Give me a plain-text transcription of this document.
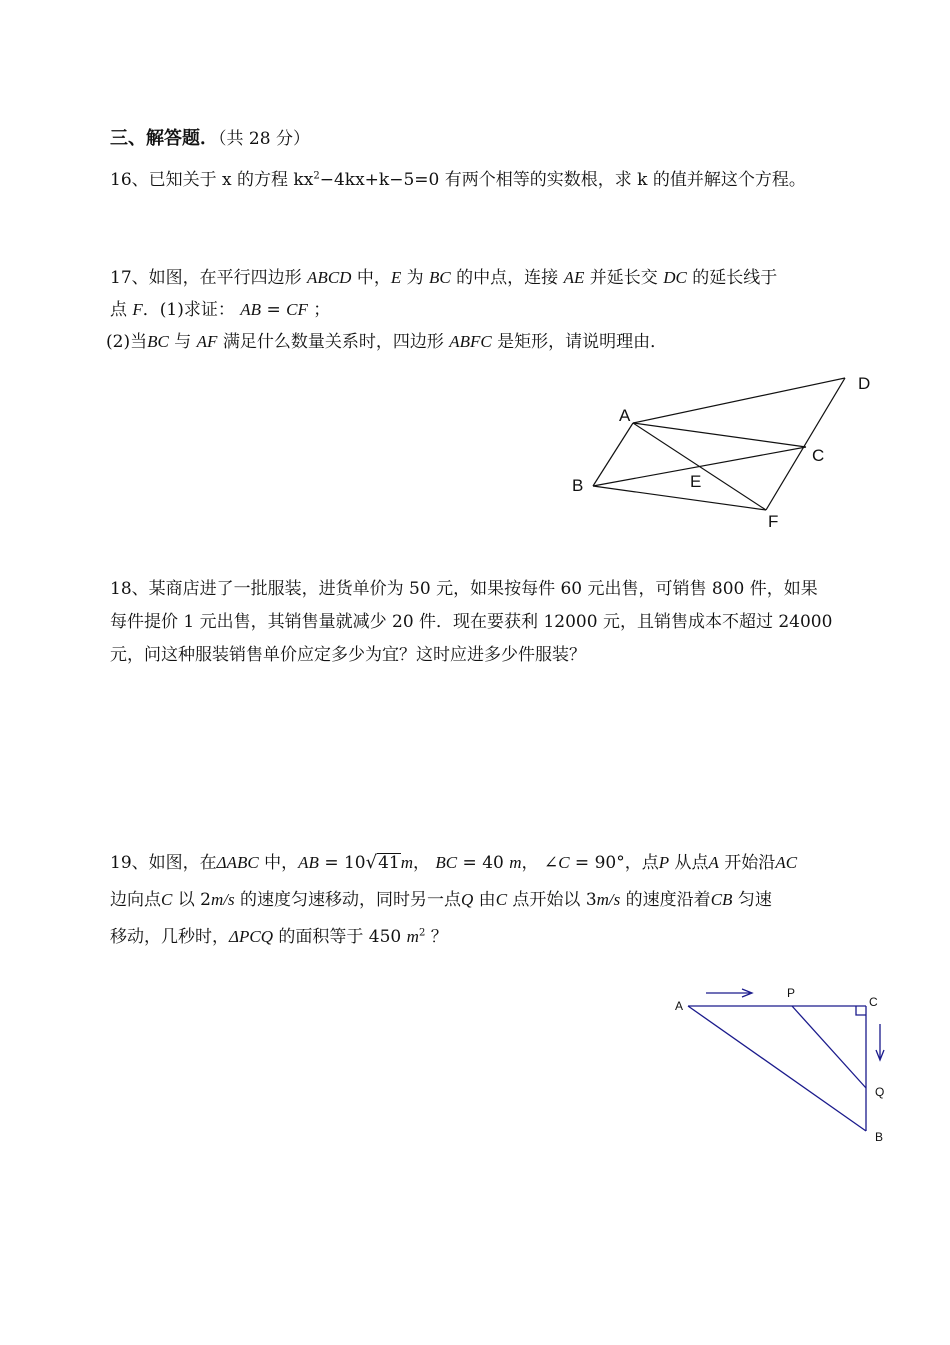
三、解答题．（共 28 分）
16、已知关于 x 的方程 $kx^2-4kx+k-5=0$ 有两个相等的实数根，求 k 的值并解这个方程。
17、如图，在平行四边形 ABCD 中，E 为 BC 的中点，连接 AE 并延长交 DC 的延长线于
点 F．(1)求证： AB = CF ；
(2)当BC 与 AF 满足什么数量关系时，四边形 ABFC 是矩形，请说明理由．
A
B
C
D
E
F
18、某商店进了一批服装，进货单价为 50 元，如果按每件 60 元出售，可销售 800 件，如果
每件提价 1 元出售，其销售量就减少 20 件．现在要获利 12000 元，且销售成本不超过 24000
元，问这种服装销售单价应定多少为宜？这时应进多少件服装？
19、如图，在ΔABC 中，AB = 10√41m， BC = 40 m， ∠C = 90°，点P 从点A 开始沿AC
边向点C 以 2m/s 的速度匀速移动，同时另一点Q 由C 点开始以 3m/s 的速度沿着CB 匀速
移动，几秒时，ΔPCQ 的面积等于 450 $m^2$ ？
A
P
C
Q
B
